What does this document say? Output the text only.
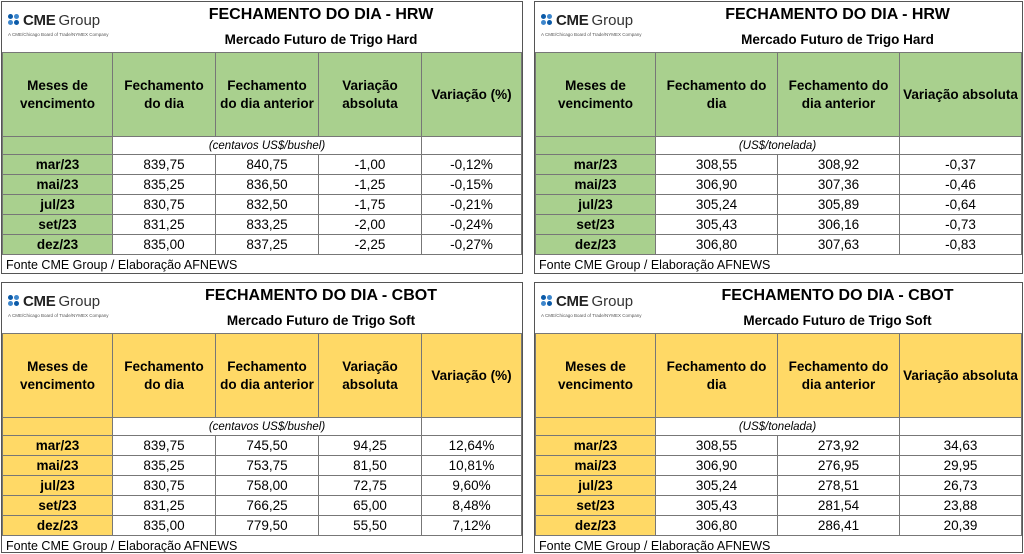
CME Group
A CME/Chicago Board of Trade/NYMEX Company
FECHAMENTO DO DIA - HRW
Mercado Futuro de Trigo Hard
Meses de vencimento	Fechamento do dia	Fechamento do dia anterior	Variação absoluta	Variação (%)
	(centavos US$/bushel)			
mar/23	839,75	840,75	-1,00	-0,12%
mai/23	835,25	836,50	-1,25	-0,15%
jul/23	830,75	832,50	-1,75	-0,21%
set/23	831,25	833,25	-2,00	-0,24%
dez/23	835,00	837,25	-2,25	-0,27%
Fonte CME Group / Elaboração AFNEWS
CME Group
A CME/Chicago Board of Trade/NYMEX Company
FECHAMENTO DO DIA - HRW
Mercado Futuro de Trigo Hard
Meses de vencimento	Fechamento do dia	Fechamento do dia anterior	Variação absoluta
	(US$/tonelada)		
mar/23	308,55	308,92	-0,37
mai/23	306,90	307,36	-0,46
jul/23	305,24	305,89	-0,64
set/23	305,43	306,16	-0,73
dez/23	306,80	307,63	-0,83
Fonte CME Group / Elaboração AFNEWS
CME Group
A CME/Chicago Board of Trade/NYMEX Company
FECHAMENTO DO DIA - CBOT
Mercado Futuro de Trigo Soft
Meses de vencimento	Fechamento do dia	Fechamento do dia anterior	Variação absoluta	Variação (%)
	(centavos US$/bushel)			
mar/23	839,75	745,50	94,25	12,64%
mai/23	835,25	753,75	81,50	10,81%
jul/23	830,75	758,00	72,75	9,60%
set/23	831,25	766,25	65,00	8,48%
dez/23	835,00	779,50	55,50	7,12%
Fonte CME Group / Elaboração AFNEWS
CME Group
A CME/Chicago Board of Trade/NYMEX Company
FECHAMENTO DO DIA - CBOT
Mercado Futuro de Trigo Soft
Meses de vencimento	Fechamento do dia	Fechamento do dia anterior	Variação absoluta
	(US$/tonelada)		
mar/23	308,55	273,92	34,63
mai/23	306,90	276,95	29,95
jul/23	305,24	278,51	26,73
set/23	305,43	281,54	23,88
dez/23	306,80	286,41	20,39
Fonte CME Group / Elaboração AFNEWS
